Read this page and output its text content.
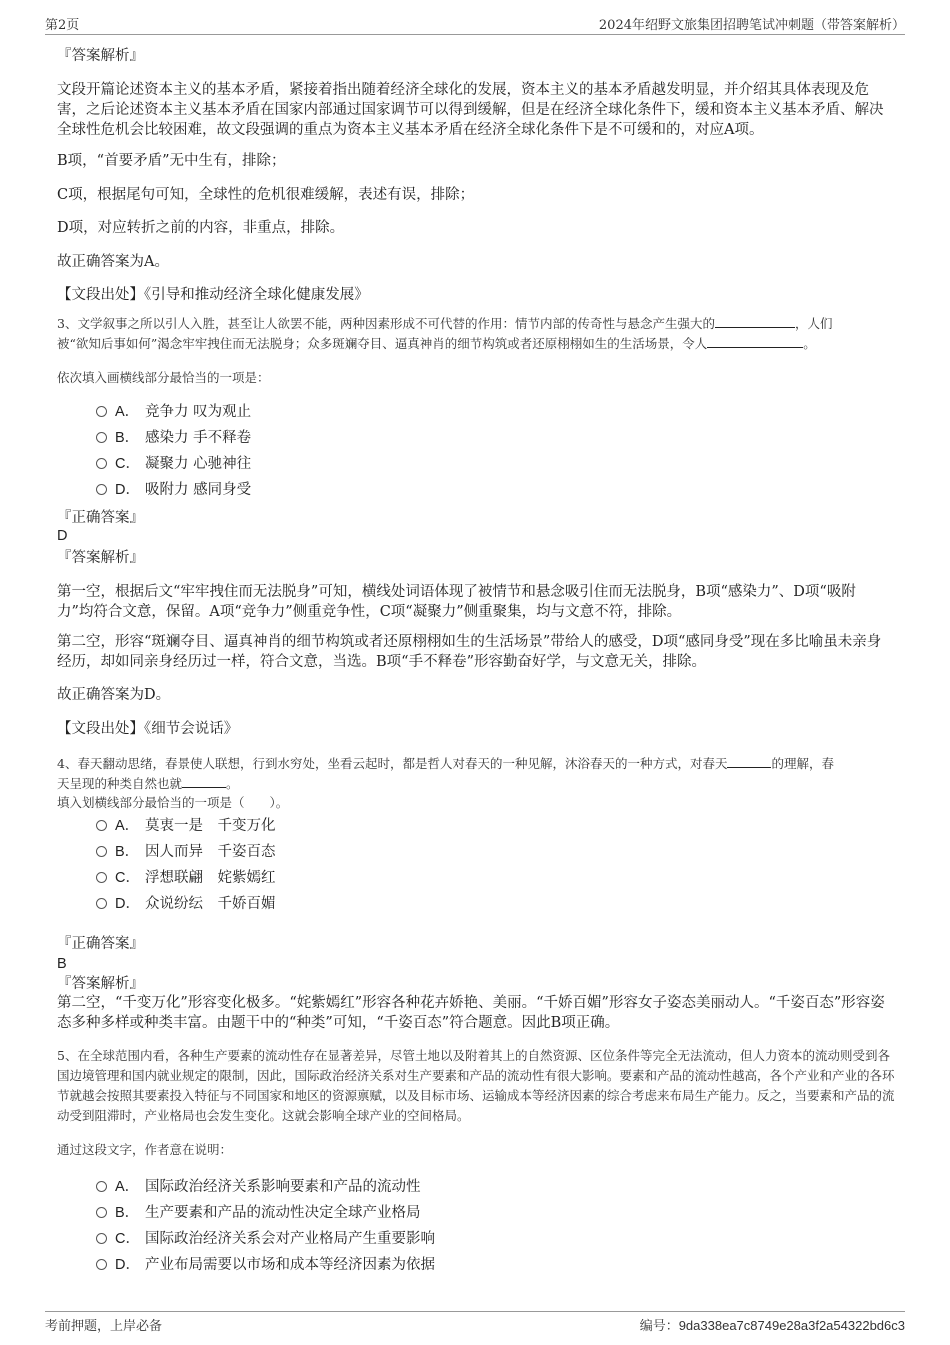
第2页	2024年绍野文旅集团招聘笔试冲刺题（带答案解析）
『答案解析』
文段开篇论述资本主义的基本矛盾，紧接着指出随着经济全球化的发展，资本主义的基本矛盾越发明显，并介绍其具体表现及危害，之后论述资本主义基本矛盾在国家内部通过国家调节可以得到缓解，但是在经济全球化条件下，缓和资本主义基本矛盾、解决全球性危机会比较困难，故文段强调的重点为资本主义基本矛盾在经济全球化条件下是不可缓和的，对应A项。
B项，“首要矛盾”无中生有，排除；
C项，根据尾句可知，全球性的危机很难缓解，表述有误，排除；
D项，对应转折之前的内容，非重点，排除。
故正确答案为A。
【文段出处】《引导和推动经济全球化健康发展》
3、文学叙事之所以引人入胜，甚至让人欲罢不能，两种因素形成不可代替的作用：情节内部的传奇性与悬念产生强大的	，人们
被“欲知后事如何”渴念牢牢拽住而无法脱身；众多斑斓夺目、逼真神肖的细节构筑或者还原栩栩如生的生活场景，令人	。
依次填入画横线部分最恰当的一项是：
A． 竞争力 叹为观止
B． 感染力 手不释卷
C． 凝聚力 心驰神往
D． 吸附力 感同身受
『正确答案』
D
『答案解析』
第一空，根据后文“牢牢拽住而无法脱身”可知，横线处词语体现了被情节和悬念吸引住而无法脱身，B项“感染力”、D项“吸附力”均符合文意，保留。A项“竞争力”侧重竞争性，C项“凝聚力”侧重聚集，均与文意不符，排除。
第二空，形容“斑斓夺目、逼真神肖的细节构筑或者还原栩栩如生的生活场景”带给人的感受，D项“感同身受”现在多比喻虽未亲身经历，却如同亲身经历过一样，符合文意，当选。B项“手不释卷”形容勤奋好学，与文意无关，排除。
故正确答案为D。
【文段出处】《细节会说话》
4、春天翻动思绪，春景使人联想，行到水穷处，坐看云起时，都是哲人对春天的一种见解，沐浴春天的一种方式，对春天	的理解，春
天呈现的种类自然也就	。
填入划横线部分最恰当的一项是（　　）。
A． 莫衷一是　千变万化
B． 因人而异　千姿百态
C． 浮想联翩　姹紫嫣红
D． 众说纷纭　千娇百媚
『正确答案』
B
『答案解析』
第二空，“千变万化”形容变化极多。“姹紫嫣红”形容各种花卉娇艳、美丽。“千娇百媚”形容女子姿态美丽动人。“千姿百态”形容姿态多种多样或种类丰富。由题干中的“种类”可知，“千姿百态”符合题意。因此B项正确。
5、在全球范围内看，各种生产要素的流动性存在显著差异，尽管土地以及附着其上的自然资源、区位条件等完全无法流动，但人力资本的流动则受到各国边境管理和国内就业规定的限制，因此，国际政治经济关系对生产要素和产品的流动性有很大影响。要素和产品的流动性越高，各个产业和产业的各环节就越会按照其要素投入特征与不同国家和地区的资源禀赋，以及目标市场、运输成本等经济因素的综合考虑来布局生产能力。反之，当要素和产品的流动受到阻滞时，产业格局也会发生变化。这就会影响全球产业的空间格局。
通过这段文字，作者意在说明：
A． 国际政治经济关系影响要素和产品的流动性
B． 生产要素和产品的流动性决定全球产业格局
C． 国际政治经济关系会对产业格局产生重要影响
D． 产业布局需要以市场和成本等经济因素为依据
考前押题，上岸必备	编号：9da338ea7c8749e28a3f2a54322bd6c3
